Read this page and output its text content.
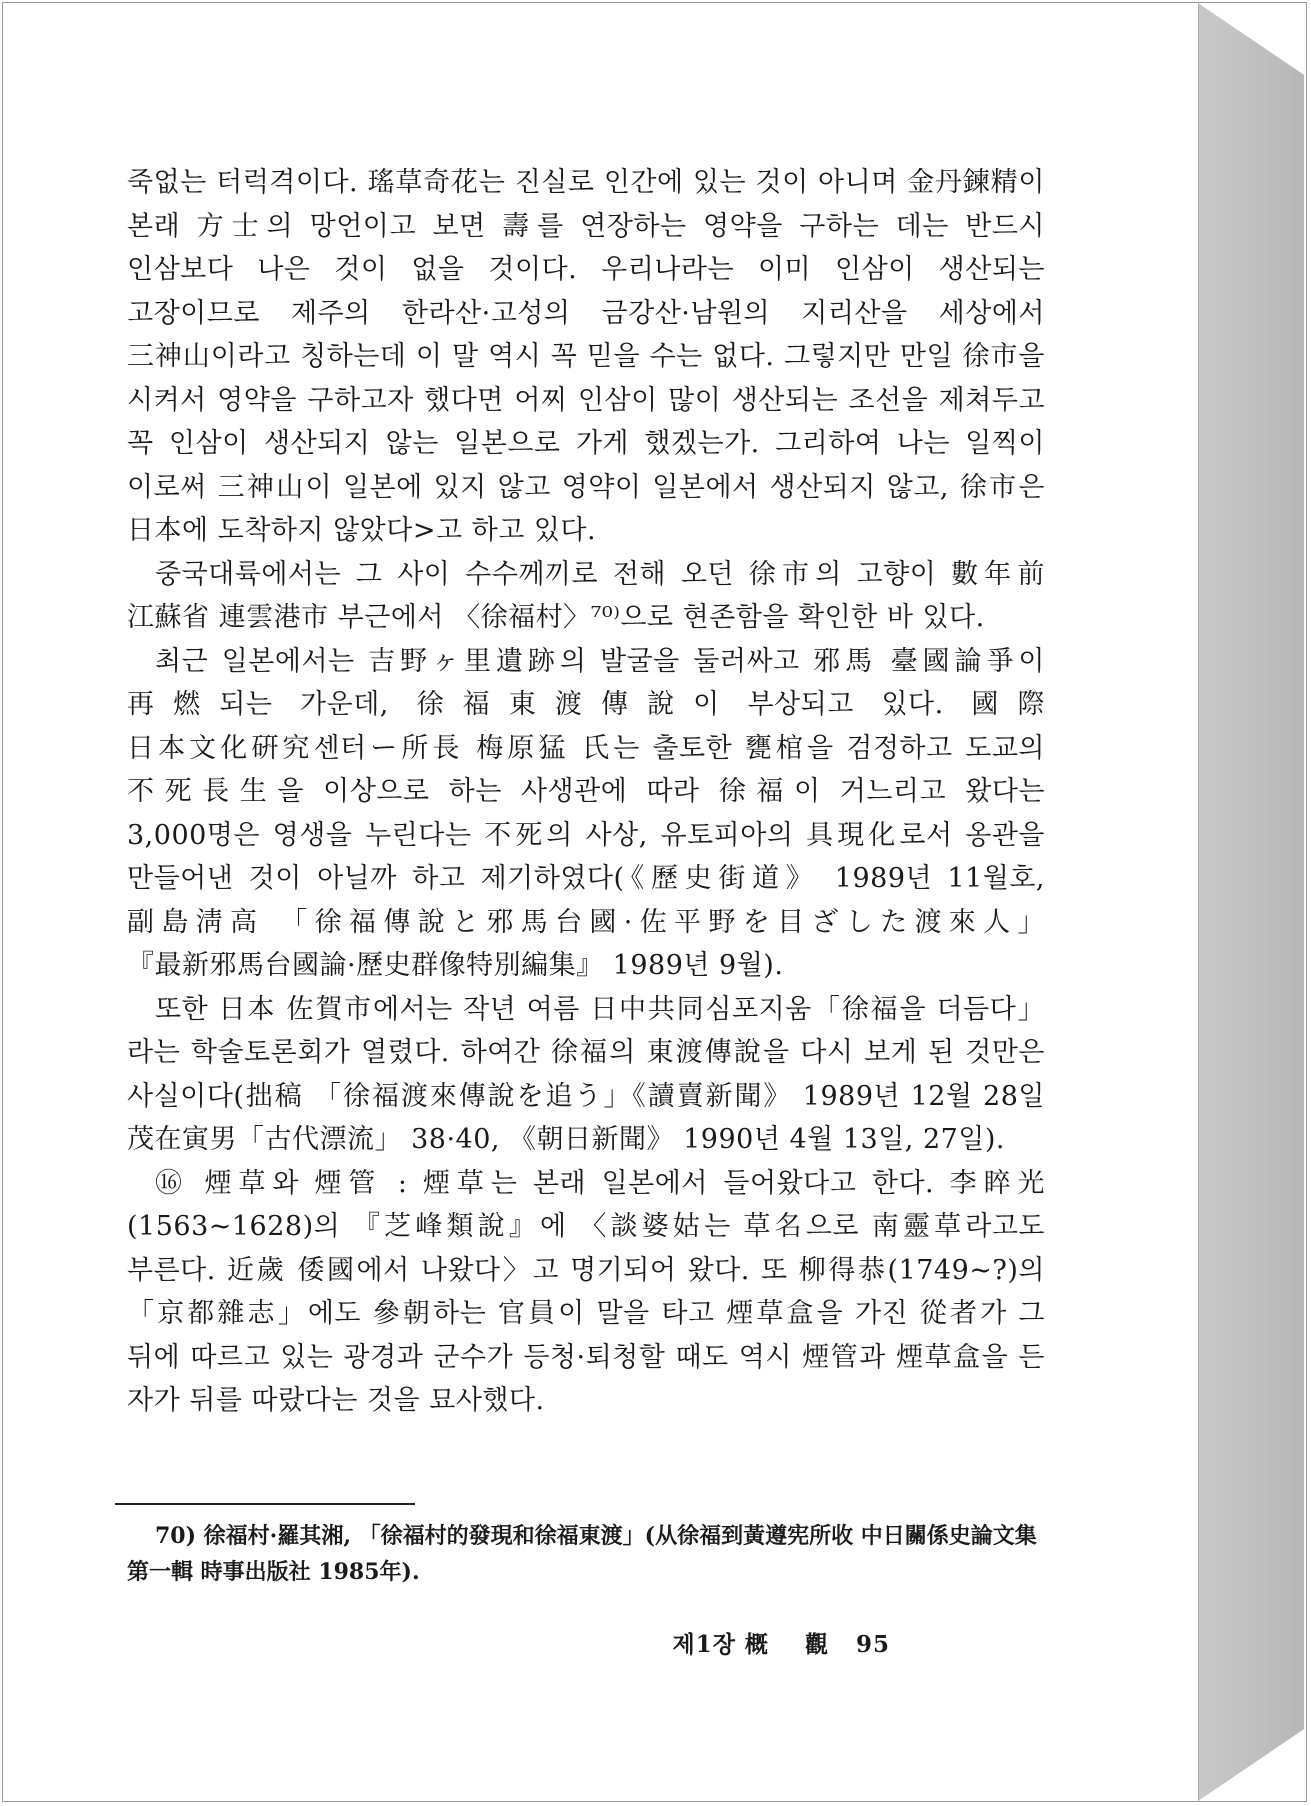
죽없는 터럭격이다. 瑤草奇花는 진실로 인간에 있는 것이 아니며 金丹鍊精이 본래 方士의 망언이고 보면 壽를 연장하는 영약을 구하는 데는 반드시 인삼보다 나은 것이 없을 것이다. 우리나라는 이미 인삼이 생산되는 고장이므로 제주의 한라산·고성의 금강산·남원의 지리산을 세상에서 三神山이라고 칭하는데 이 말 역시 꼭 믿을 수는 없다. 그렇지만 만일 徐市을 시켜서 영약을 구하고자 했다면 어찌 인삼이 많이 생산되는 조선을 제쳐두고 꼭 인삼이 생산되지 않는 일본으로 가게 했겠는가. 그리하여 나는 일찍이 이로써 三神山이 일본에 있지 않고 영약이 일본에서 생산되지 않고, 徐市은 日本에 도착하지 않았다>고 하고 있다.

중국대륙에서는 그 사이 수수께끼로 전해 오던 徐市의 고향이 數年前 江蘇省 連雲港市 부근에서 〈徐福村〉⁷⁰⁾으로 현존함을 확인한 바 있다.

최근 일본에서는 吉野ヶ里遺跡의 발굴을 둘러싸고 邪馬 臺國論爭이 再燃되는 가운데, 徐福東渡傳說이 부상되고 있다. 國際 日本文化硏究센터ー所長 梅原猛 氏는 출토한 甕棺을 검정하고 도교의 不死長生을 이상으로 하는 사생관에 따라 徐福이 거느리고 왔다는 3,000명은 영생을 누린다는 不死의 사상, 유토피아의 具現化로서 옹관을 만들어낸 것이 아닐까 하고 제기하였다(《歷史街道》 1989년 11월호, 副島淸高 「徐福傳說と邪馬台國·佐平野を目ざした渡來人」『最新邪馬台國論·歷史群像特別編集』 1989년 9월).

또한 日本 佐賀市에서는 작년 여름 日中共同심포지움「徐福을 더듬다」라는 학술토론회가 열렸다. 하여간 徐福의 東渡傳說을 다시 보게 된 것만은 사실이다(拙稿 「徐福渡來傳說を追う」《讀賣新聞》 1989년 12월 28일 茂在寅男「古代漂流」 38·40, 《朝日新聞》 1990년 4월 13일, 27일).

⑯ 煙草와 煙管 : 煙草는 본래 일본에서 들어왔다고 한다. 李睟光(1563~1628)의 『芝峰類說』에 〈談婆姑는 草名으로 南靈草라고도 부른다. 近歲 倭國에서 나왔다〉고 명기되어 왔다. 또 柳得恭(1749~?)의 「京都雜志」에도 參朝하는 官員이 말을 타고 煙草盒을 가진 從者가 그 뒤에 따르고 있는 광경과 군수가 등청·퇴청할 때도 역시 煙管과 煙草盒을 든 자가 뒤를 따랐다는 것을 묘사했다.

70) 徐福村·羅其湘, 「徐福村的發現和徐福東渡」(从徐福到黃遵宪所收 中日關係史論文集 第一輯 時事出版社 1985年).
제1장 概    觀   95
